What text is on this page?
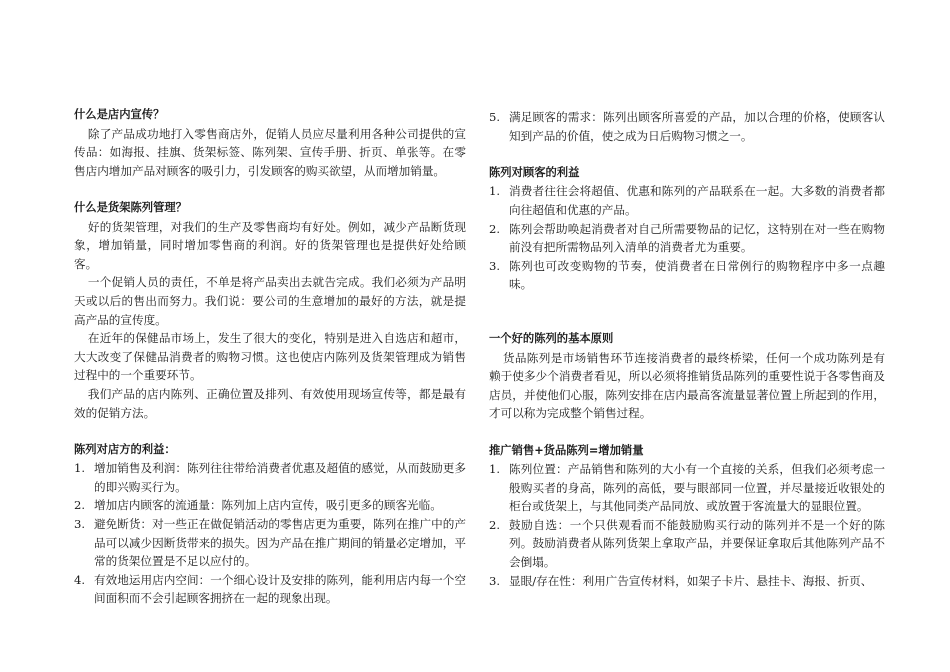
什么是店内宣传？
除了产品成功地打入零售商店外，促销人员应尽量利用各种公司提供的宣传品：如海报、挂旗、货架标签、陈列架、宣传手册、折页、单张等。在零售店内增加产品对顾客的吸引力，引发顾客的购买欲望，从而增加销量。
什么是货架陈列管理？
好的货架管理，对我们的生产及零售商均有好处。例如，减少产品断货现象，增加销量，同时增加零售商的利润。好的货架管理也是提供好处给顾客。
一个促销人员的责任，不单是将产品卖出去就告完成。我们必须为产品明天或以后的售出而努力。我们说：要公司的生意增加的最好的方法，就是提高产品的宣传度。
在近年的保健品市场上，发生了很大的变化，特别是进入自选店和超市，大大改变了保健品消费者的购物习惯。这也使店内陈列及货架管理成为销售过程中的一个重要环节。
我们产品的店内陈列、正确位置及排列、有效使用现场宣传等，都是最有效的促销方法。
陈列对店方的利益：
1. 增加销售及利润：陈列往往带给消费者优惠及超值的感觉，从而鼓励更多的即兴购买行为。
2. 增加店内顾客的流通量：陈列加上店内宣传，吸引更多的顾客光临。
3. 避免断货：对一些正在做促销活动的零售店更为重要，陈列在推广中的产品可以减少因断货带来的损失。因为产品在推广期间的销量必定增加，平常的货架位置是不足以应付的。
4. 有效地运用店内空间：一个细心设计及安排的陈列，能利用店内每一个空间面积而不会引起顾客拥挤在一起的现象出现。
5. 满足顾客的需求：陈列出顾客所喜爱的产品，加以合理的价格，使顾客认知到产品的价值，使之成为日后购物习惯之一。
陈列对顾客的利益
1. 消费者往往会将超值、优惠和陈列的产品联系在一起。大多数的消费者都向往超值和优惠的产品。
2. 陈列会帮助唤起消费者对自己所需要物品的记忆，这特别在对一些在购物前没有把所需物品列入清单的消费者尤为重要。
3. 陈列也可改变购物的节奏，使消费者在日常例行的购物程序中多一点趣味。
一个好的陈列的基本原则
货品陈列是市场销售环节连接消费者的最终桥梁，任何一个成功陈列是有赖于使多少个消费者看见，所以必须将推销货品陈列的重要性说于各零售商及店员，并使他们心服，陈列安排在店内最高客流量显著位置上所起到的作用，才可以称为完成整个销售过程。
推广销售+货品陈列=增加销量
1. 陈列位置：产品销售和陈列的大小有一个直接的关系，但我们必须考虑一般购买者的身高，陈列的高低，要与眼部同一位置，并尽量接近收银处的柜台或货架上，与其他同类产品同放、或放置于客流量大的显眼位置。
2. 鼓励自选：一个只供观看而不能鼓励购买行动的陈列并不是一个好的陈列。鼓励消费者从陈列货架上拿取产品，并要保证拿取后其他陈列产品不会倒塌。
3. 显眼/存在性：利用广告宣传材料，如架子卡片、悬挂卡、海报、折页、
